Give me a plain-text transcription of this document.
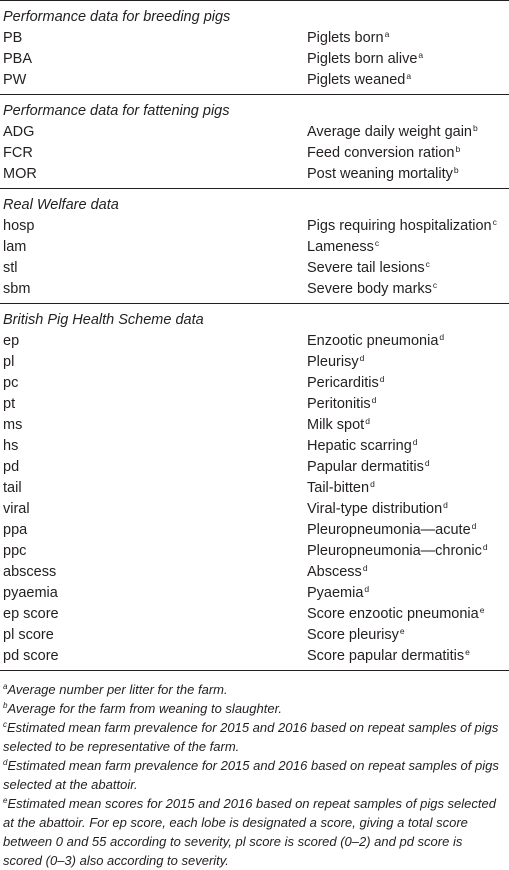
Performance data for breeding pigs
PB	Piglets born$^a$
PBA	Piglets born alive$^a$
PW	Piglets weaned$^a$
Performance data for fattening pigs
ADG	Average daily weight gain$^b$
FCR	Feed conversion ration$^b$
MOR	Post weaning mortality$^b$
Real Welfare data
hosp	Pigs requiring hospitalization$^c$
lam	Lameness$^c$
stl	Severe tail lesions$^c$
sbm	Severe body marks$^c$
British Pig Health Scheme data
ep	Enzootic pneumonia$^d$
pl	Pleurisy$^d$
pc	Pericarditis$^d$
pt	Peritonitis$^d$
ms	Milk spot$^d$
hs	Hepatic scarring$^d$
pd	Papular dermatitis$^d$
tail	Tail-bitten$^d$
viral	Viral-type distribution$^d$
ppa	Pleuropneumonia—acute$^d$
ppc	Pleuropneumonia—chronic$^d$
abscess	Abscess$^d$
pyaemia	Pyaemia$^d$
ep score	Score enzootic pneumonia$^e$
pl score	Score pleurisy$^e$
pd score	Score papular dermatitis$^e$
$^a$Average number per litter for the farm.
$^b$Average for the farm from weaning to slaughter.
$^c$Estimated mean farm prevalence for 2015 and 2016 based on repeat samples of pigs selected to be representative of the farm.
$^d$Estimated mean farm prevalence for 2015 and 2016 based on repeat samples of pigs selected at the abattoir.
$^e$Estimated mean scores for 2015 and 2016 based on repeat samples of pigs selected at the abattoir. For ep score, each lobe is designated a score, giving a total score between 0 and 55 according to severity, pl score is scored (0–2) and pd score is scored (0–3) also according to severity.
